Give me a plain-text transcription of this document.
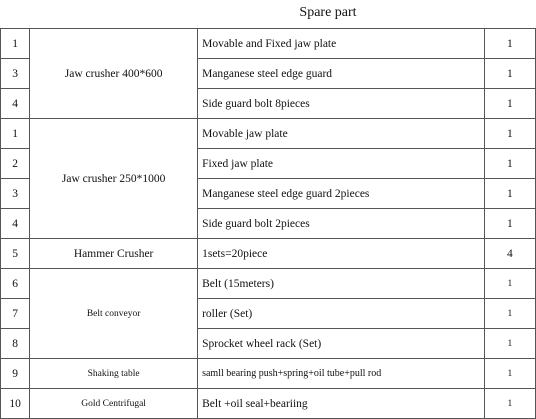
Spare part
1	Jaw crusher 400*600	Movable and Fixed jaw plate	1
3		Manganese steel edge guard	1
4		Side guard bolt 8pieces	1
1	Jaw crusher 250*1000	Movable jaw plate	1
2		Fixed jaw plate	1
3		Manganese steel edge guard 2pieces	1
4		Side guard bolt 2pieces	1
5	Hammer Crusher	1sets=20piece	4
6	Belt conveyor	Belt (15meters)	1
7		roller (Set)	1
8		Sprocket wheel rack (Set)	1
9	Shaking table	samll bearing push+spring+oil tube+pull rod	1
10	Gold Centrifugal	Belt +oil seal+beariing	1
